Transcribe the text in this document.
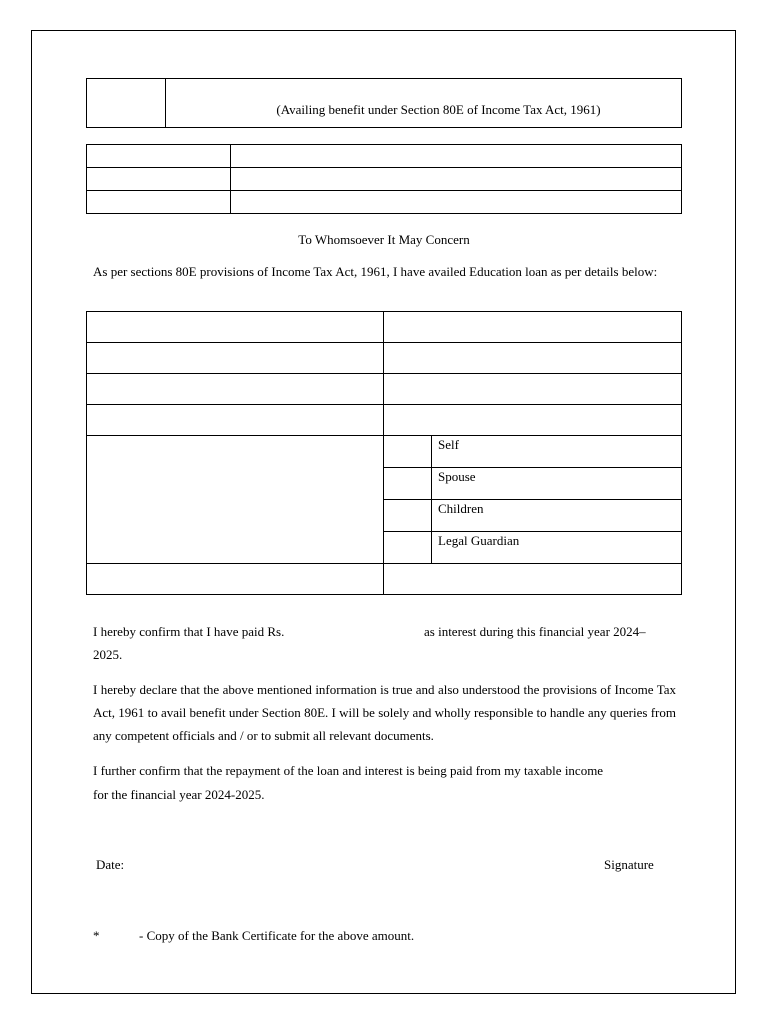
	(Availing benefit under Section 80E of Income Tax Act, 1961)

To Whomsoever It May Concern
As per sections 80E provisions of Income Tax Act, 1961, I have availed Education loan as per details below:

		Self
		Spouse
		Children
		Legal Guardian

I hereby confirm that I have paid Rs.	as interest during this financial year 2024–
2025.
I hereby declare that the above mentioned information is true and also understood the provisions of Income Tax Act, 1961 to avail benefit under Section 80E. I will be solely and wholly responsible to handle any queries from any competent officials and / or to submit all relevant documents.
I further confirm that the repayment of the loan and interest is being paid from my taxable income
for the financial year 2024-2025.
Date:	Signature
*	- Copy of the Bank Certificate for the above amount.
